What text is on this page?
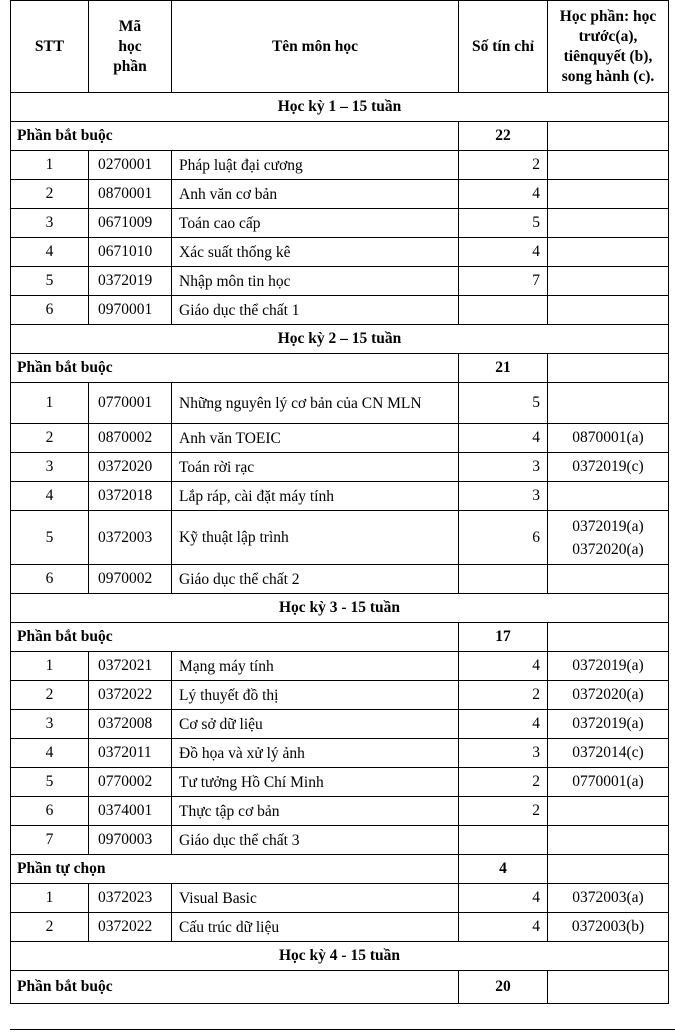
STT	Mã học phần	Tên môn học	Số tín chỉ	Học phần: học trước(a), tiênquyết (b), song hành (c).
Học kỳ 1 – 15 tuần				
Phần bắt buộc			22	
1	0270001	Pháp luật đại cương	2	
2	0870001	Anh văn cơ bản	4	
3	0671009	Toán cao cấp	5	
4	0671010	Xác suất thống kê	4	
5	0372019	Nhập môn tin học	7	
6	0970001	Giáo dục thể chất 1		
Học kỳ 2 – 15 tuần				
Phần bắt buộc			21	
1	0770001	Những nguyên lý cơ bản của CN MLN	5	
2	0870002	Anh văn TOEIC	4	0870001(a)
3	0372020	Toán rời rạc	3	0372019(c)
4	0372018	Lắp ráp, cài đặt máy tính	3	
5	0372003	Kỹ thuật lập trình	6	0372019(a)
0372020(a)

6	0970002	Giáo dục thể chất 2		
Học kỳ 3 - 15 tuần				
Phần bắt buộc			17	
1	0372021	Mạng máy tính	4	0372019(a)
2	0372022	Lý thuyết đồ thị	2	0372020(a)
3	0372008	Cơ sở dữ liệu	4	0372019(a)
4	0372011	Đồ họa và xử lý ảnh	3	0372014(c)
5	0770002	Tư tưởng Hồ Chí Minh	2	0770001(a)
6	0374001	Thực tập cơ bản	2	
7	0970003	Giáo dục thể chất 3		
Phần tự chọn			4	
1	0372023	Visual Basic	4	0372003(a)
2	0372022	Cấu trúc dữ liệu	4	0372003(b)
Học kỳ 4 - 15 tuần				
Phần bắt buộc			20	
